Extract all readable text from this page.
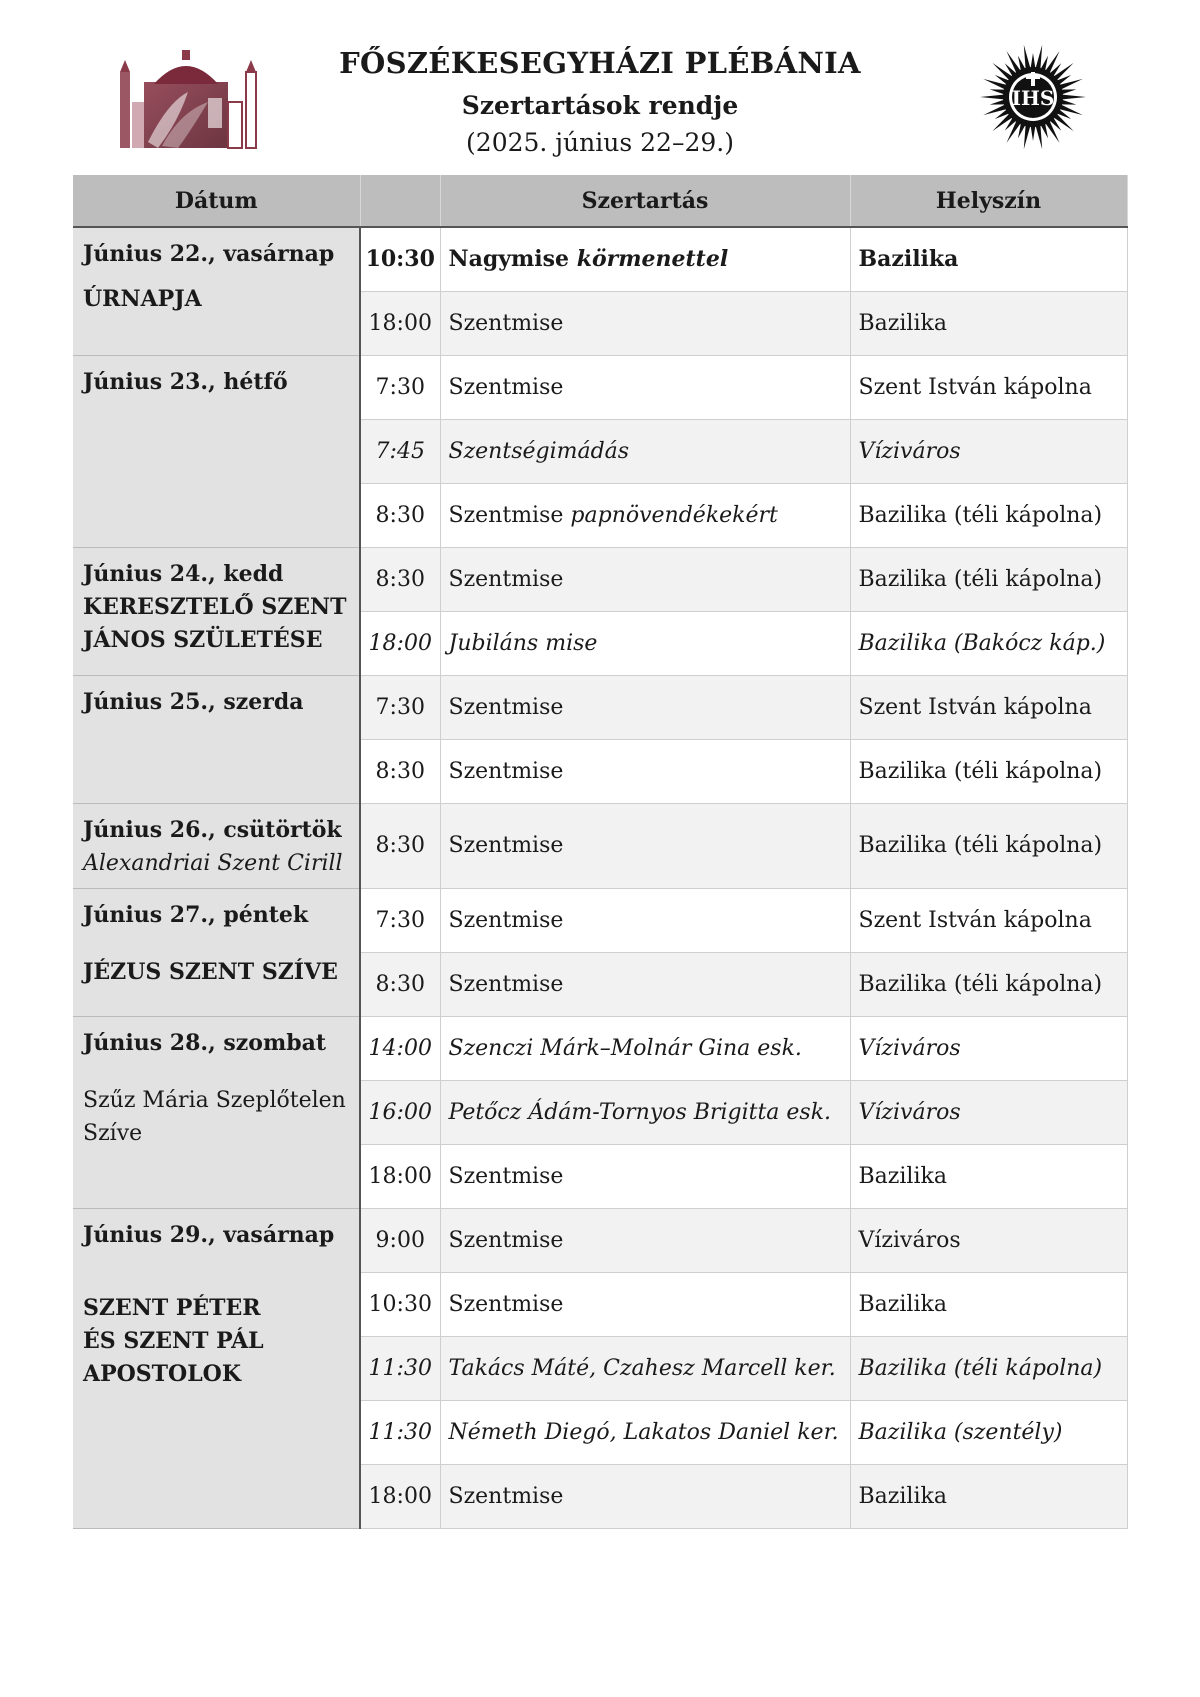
FŐSZÉKESEGYHÁZI PLÉBÁNIA
Szertartások rendje
(2025. június 22–29.)
IHS
Dátum		Szertartás	Helyszín

Június 22., vasárnap
ÚRNAPJA	10:30	Nagymise körmenettel	Bazilika
	18:00	Szentmise	Bazilika

Június 23., hétfő	7:30	Szentmise	Szent István kápolna
	7:45	Szentségimádás	Víziváros
	8:30	Szentmise papnövendékekért	Bazilika (téli kápolna)

Június 24., kedd
KERESZTELŐ SZENT
JÁNOS SZÜLETÉSE	8:30	Szentmise	Bazilika (téli kápolna)
	18:00	Jubiláns mise	Bazilika (Bakócz káp.)

Június 25., szerda	7:30	Szentmise	Szent István kápolna
	8:30	Szentmise	Bazilika (téli kápolna)

Június 26., csütörtök
Alexandriai Szent Cirill	8:30	Szentmise	Bazilika (téli kápolna)

Június 27., péntek
JÉZUS SZENT SZÍVE	7:30	Szentmise	Szent István kápolna
	8:30	Szentmise	Bazilika (téli kápolna)

Június 28., szombat
Szűz Mária Szeplőtelen
Szíve	14:00	Szenczi Márk–Molnár Gina esk.	Víziváros
	16:00	Petőcz Ádám-Tornyos Brigitta esk.	Víziváros
	18:00	Szentmise	Bazilika

Június 29., vasárnap
SZENT PÉTER
ÉS SZENT PÁL
APOSTOLOK	9:00	Szentmise	Víziváros
	10:30	Szentmise	Bazilika
	11:30	Takács Máté, Czahesz Marcell ker.	Bazilika (téli kápolna)
	11:30	Németh Diegó, Lakatos Daniel ker.	Bazilika (szentély)
	18:00	Szentmise	Bazilika
